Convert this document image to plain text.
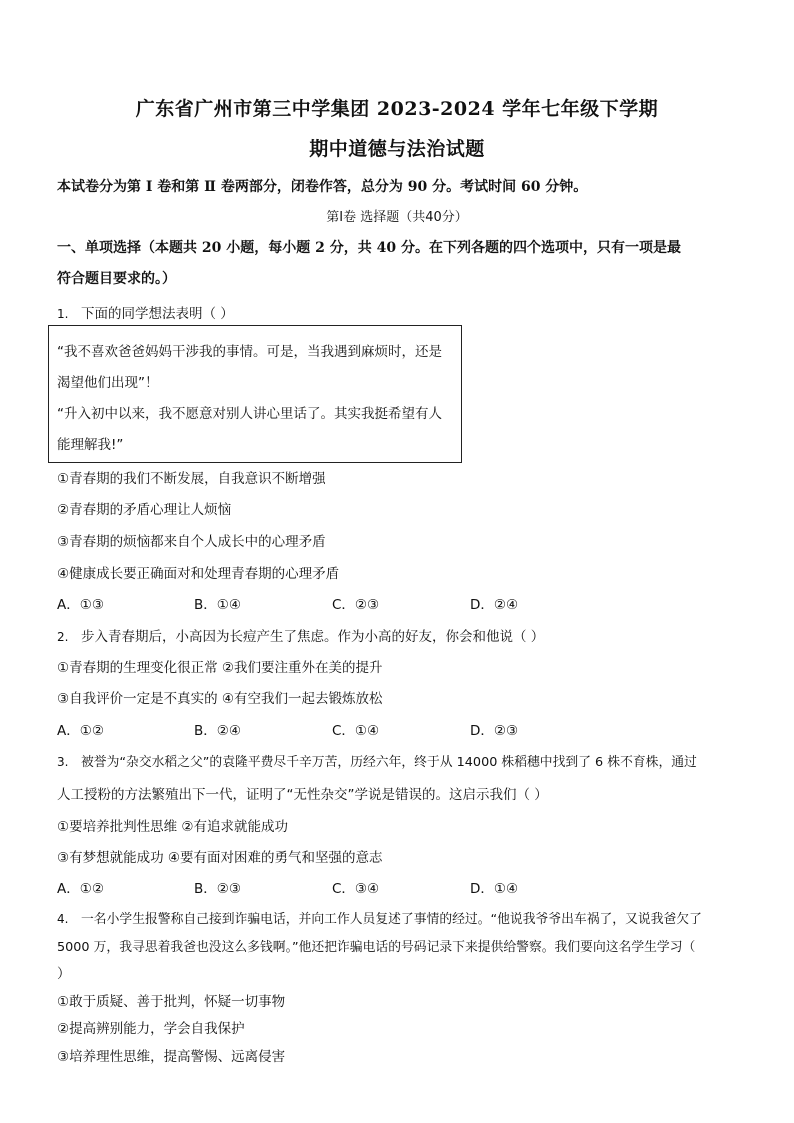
广东省广州市第三中学集团 2023-2024 学年七年级下学期
期中道德与法治试题
本试卷分为第 Ⅰ 卷和第 Ⅱ 卷两部分，闭卷作答，总分为 90 分。考试时间 60 分钟。
第Ⅰ卷 选择题（共40分）
一、单项选择（本题共 20 小题，每小题 2 分，共 40 分。在下列各题的四个选项中，只有一项是最
符合题目要求的。）
1. 下面的同学想法表明（ ）
“我不喜欢爸爸妈妈干涉我的事情。可是，当我遇到麻烦时，还是
渴望他们出现”！
“升入初中以来，我不愿意对别人讲心里话了。其实我挺希望有人
能理解我!”
①青春期的我们不断发展，自我意识不断增强
②青春期的矛盾心理让人烦恼
③青春期的烦恼都来自个人成长中的心理矛盾
④健康成长要正确面对和处理青春期的心理矛盾
A．①③	B．①④	C．②③	D．②④
2. 步入青春期后，小高因为长痘产生了焦虑。作为小高的好友，你会和他说（ ）
①青春期的生理变化很正常 ②我们要注重外在美的提升
③自我评价一定是不真实的 ④有空我们一起去锻炼放松
A．①②	B．②④	C．①④	D．②③
3. 被誉为“杂交水稻之父”的袁隆平费尽千辛万苦，历经六年，终于从 14000 株稻穗中找到了 6 株不育株，通过
人工授粉的方法繁殖出下一代，证明了“无性杂交”学说是错误的。这启示我们（ ）
①要培养批判性思维 ②有追求就能成功
③有梦想就能成功 ④要有面对困难的勇气和坚强的意志
A．①②	B．②③	C．③④	D．①④
4. 一名小学生报警称自己接到诈骗电话，并向工作人员复述了事情的经过。“他说我爷爷出车祸了，又说我爸欠了
5000 万，我寻思着我爸也没这么多钱啊。”他还把诈骗电话的号码记录下来提供给警察。我们要向这名学生学习（
）
①敢于质疑、善于批判，怀疑一切事物
②提高辨别能力，学会自我保护
③培养理性思维，提高警惕、远离侵害
